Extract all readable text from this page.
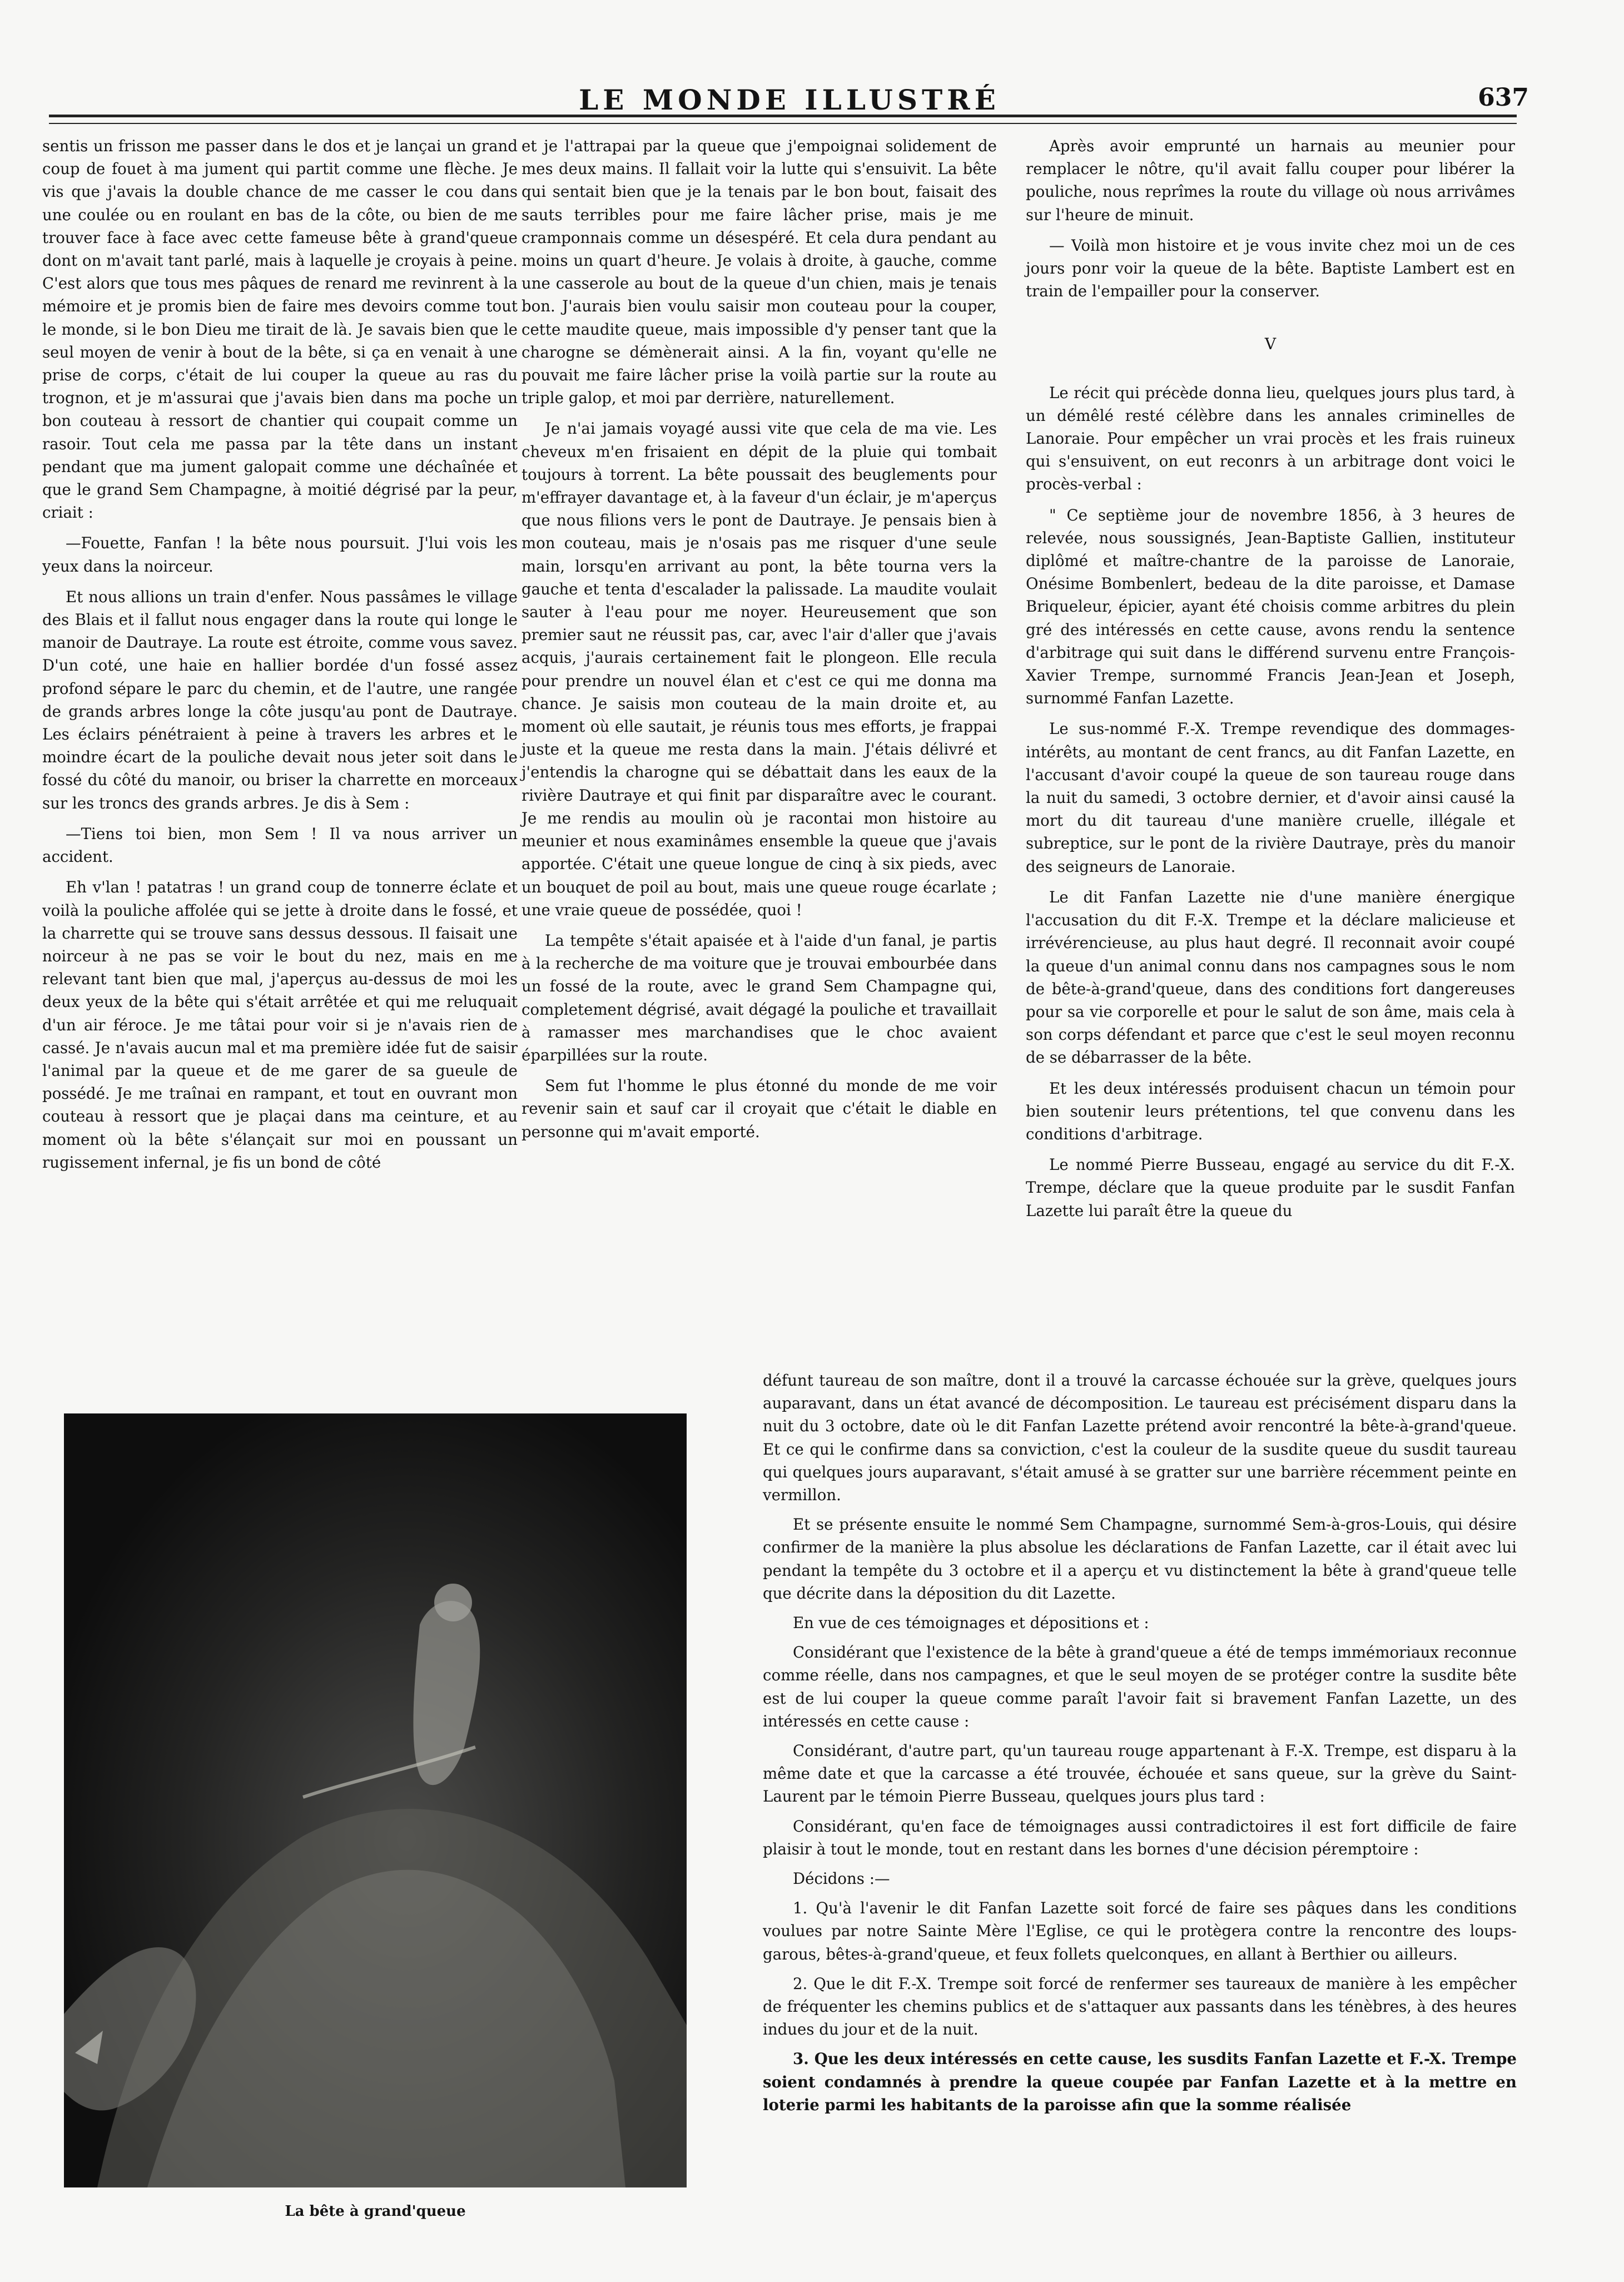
LE MONDE ILLUSTRÉ	637

sentis un frisson me passer dans le dos et je lançai un grand coup de fouet à ma jument qui partit comme une flèche. Je vis que j'avais la double chance de me casser le cou dans une coulée ou en roulant en bas de la côte, ou bien de me trouver face à face avec cette fameuse bête à grand'queue dont on m'avait tant parlé, mais à laquelle je croyais à peine. C'est alors que tous mes pâques de renard me revinrent à la mémoire et je promis bien de faire mes devoirs comme tout le monde, si le bon Dieu me tirait de là. Je savais bien que le seul moyen de venir à bout de la bête, si ça en venait à une prise de corps, c'était de lui couper la queue au ras du trognon, et je m'assurai que j'avais bien dans ma poche un bon couteau à ressort de chantier qui coupait comme un rasoir. Tout cela me passa par la tête dans un instant pendant que ma jument galopait comme une déchaînée et que le grand Sem Champagne, à moitié dégrisé par la peur, criait :

—Fouette, Fanfan ! la bête nous poursuit. J'lui vois les yeux dans la noirceur.

Et nous allions un train d'enfer. Nous passâmes le village des Blais et il fallut nous engager dans la route qui longe le manoir de Dautraye. La route est étroite, comme vous savez. D'un coté, une haie en hallier bordée d'un fossé assez profond sépare le parc du chemin, et de l'autre, une rangée de grands arbres longe la côte jusqu'au pont de Dautraye. Les éclairs pénétraient à peine à travers les arbres et le moindre écart de la pouliche devait nous jeter soit dans le fossé du côté du manoir, ou briser la charrette en morceaux sur les troncs des grands arbres. Je dis à Sem :

—Tiens toi bien, mon Sem ! Il va nous arriver un accident.

Eh v'lan ! patatras ! un grand coup de tonnerre éclate et voilà la pouliche affolée qui se jette à droite dans le fossé, et la charrette qui se trouve sans dessus dessous. Il faisait une noirceur à ne pas se voir le bout du nez, mais en me relevant tant bien que mal, j'aperçus au-dessus de moi les deux yeux de la bête qui s'était arrêtée et qui me reluquait d'un air féroce. Je me tâtai pour voir si je n'avais rien de cassé. Je n'avais aucun mal et ma première idée fut de saisir l'animal par la queue et de me garer de sa gueule de possédé. Je me traînai en rampant, et tout en ouvrant mon couteau à ressort que je plaçai dans ma ceinture, et au moment où la bête s'élançait sur moi en poussant un rugissement infernal, je fis un bond de côté

et je l'attrapai par la queue que j'empoignai solidement de mes deux mains. Il fallait voir la lutte qui s'ensuivit. La bête qui sentait bien que je la tenais par le bon bout, faisait des sauts terribles pour me faire lâcher prise, mais je me cramponnais comme un désespéré. Et cela dura pendant au moins un quart d'heure. Je volais à droite, à gauche, comme une casserole au bout de la queue d'un chien, mais je tenais bon. J'aurais bien voulu saisir mon couteau pour la couper, cette maudite queue, mais impossible d'y penser tant que la charogne se démènerait ainsi. A la fin, voyant qu'elle ne pouvait me faire lâcher prise la voilà partie sur la route au triple galop, et moi par derrière, naturellement.

Je n'ai jamais voyagé aussi vite que cela de ma vie. Les cheveux m'en frisaient en dépit de la pluie qui tombait toujours à torrent. La bête poussait des beuglements pour m'effrayer davantage et, à la faveur d'un éclair, je m'aperçus que nous filions vers le pont de Dautraye. Je pensais bien à mon couteau, mais je n'osais pas me risquer d'une seule main, lorsqu'en arrivant au pont, la bête tourna vers la gauche et tenta d'escalader la palissade. La maudite voulait sauter à l'eau pour me noyer. Heureusement que son premier saut ne réussit pas, car, avec l'air d'aller que j'avais acquis, j'aurais certainement fait le plongeon. Elle recula pour prendre un nouvel élan et c'est ce qui me donna ma chance. Je saisis mon couteau de la main droite et, au moment où elle sautait, je réunis tous mes efforts, je frappai juste et la queue me resta dans la main. J'étais délivré et j'entendis la charogne qui se débattait dans les eaux de la rivière Dautraye et qui finit par disparaître avec le courant. Je me rendis au moulin où je racontai mon histoire au meunier et nous examinâmes ensemble la queue que j'avais apportée. C'était une queue longue de cinq à six pieds, avec un bouquet de poil au bout, mais une queue rouge écarlate ; une vraie queue de possédée, quoi !

La tempête s'était apaisée et à l'aide d'un fanal, je partis à la recherche de ma voiture que je trouvai embourbée dans un fossé de la route, avec le grand Sem Champagne qui, completement dégrisé, avait dégagé la pouliche et travaillait à ramasser mes marchandises que le choc avaient éparpillées sur la route.

Sem fut l'homme le plus étonné du monde de me voir revenir sain et sauf car il croyait que c'était le diable en personne qui m'avait emporté.

Après avoir emprunté un harnais au meunier pour remplacer le nôtre, qu'il avait fallu couper pour libérer la pouliche, nous reprîmes la route du village où nous arrivâmes sur l'heure de minuit.

— Voilà mon histoire et je vous invite chez moi un de ces jours ponr voir la queue de la bête. Baptiste Lambert est en train de l'empailler pour la conserver.

V

Le récit qui précède donna lieu, quelques jours plus tard, à un démêlé resté célèbre dans les annales criminelles de Lanoraie. Pour empêcher un vrai procès et les frais ruineux qui s'ensuivent, on eut reconrs à un arbitrage dont voici le procès-verbal :

" Ce septième jour de novembre 1856, à 3 heures de relevée, nous soussignés, Jean-Baptiste Gallien, instituteur diplômé et maître-chantre de la paroisse de Lanoraie, Onésime Bombenlert, bedeau de la dite paroisse, et Damase Briqueleur, épicier, ayant été choisis comme arbitres du plein gré des intéressés en cette cause, avons rendu la sentence d'arbitrage qui suit dans le différend survenu entre François-Xavier Trempe, surnommé Francis Jean-Jean et Joseph, surnommé Fanfan Lazette.

Le sus-nommé F.-X. Trempe revendique des dommages-intérêts, au montant de cent francs, au dit Fanfan Lazette, en l'accusant d'avoir coupé la queue de son taureau rouge dans la nuit du samedi, 3 octobre dernier, et d'avoir ainsi causé la mort du dit taureau d'une manière cruelle, illégale et subreptice, sur le pont de la rivière Dautraye, près du manoir des seigneurs de Lanoraie.

Le dit Fanfan Lazette nie d'une manière énergique l'accusation du dit F.-X. Trempe et la déclare malicieuse et irrévérencieuse, au plus haut degré. Il reconnait avoir coupé la queue d'un animal connu dans nos campagnes sous le nom de bête-à-grand'queue, dans des conditions fort dangereuses pour sa vie corporelle et pour le salut de son âme, mais cela à son corps défendant et parce que c'est le seul moyen reconnu de se débarrasser de la bête.

Et les deux intéressés produisent chacun un témoin pour bien soutenir leurs prétentions, tel que convenu dans les conditions d'arbitrage.

Le nommé Pierre Busseau, engagé au service du dit F.-X. Trempe, déclare que la queue produite par le susdit Fanfan Lazette lui paraît être la queue du

défunt taureau de son maître, dont il a trouvé la carcasse échouée sur la grève, quelques jours auparavant, dans un état avancé de décomposition. Le taureau est précisément disparu dans la nuit du 3 octobre, date où le dit Fanfan Lazette prétend avoir rencontré la bête-à-grand'queue. Et ce qui le confirme dans sa conviction, c'est la couleur de la susdite queue du susdit taureau qui quelques jours auparavant, s'était amusé à se gratter sur une barrière récemment peinte en vermillon.

Et se présente ensuite le nommé Sem Champagne, surnommé Sem-à-gros-Louis, qui désire confirmer de la manière la plus absolue les déclarations de Fanfan Lazette, car il était avec lui pendant la tempête du 3 octobre et il a aperçu et vu distinctement la bête à grand'queue telle que décrite dans la déposition du dit Lazette.

En vue de ces témoignages et dépositions et :

Considérant que l'existence de la bête à grand'queue a été de temps immémoriaux reconnue comme réelle, dans nos campagnes, et que le seul moyen de se protéger contre la susdite bête est de lui couper la queue comme paraît l'avoir fait si bravement Fanfan Lazette, un des intéressés en cette cause :

Considérant, d'autre part, qu'un taureau rouge appartenant à F.-X. Trempe, est disparu à la même date et que la carcasse a été trouvée, échouée et sans queue, sur la grève du Saint-Laurent par le témoin Pierre Busseau, quelques jours plus tard :

Considérant, qu'en face de témoignages aussi contradictoires il est fort difficile de faire plaisir à tout le monde, tout en restant dans les bornes d'une décision péremptoire :

Décidons :—

1. Qu'à l'avenir le dit Fanfan Lazette soit forcé de faire ses pâques dans les conditions voulues par notre Sainte Mère l'Eglise, ce qui le protègera contre la rencontre des loups-garous, bêtes-à-grand'queue, et feux follets quelconques, en allant à Berthier ou ailleurs.

2. Que le dit F.-X. Trempe soit forcé de renfermer ses taureaux de manière à les empêcher de fréquenter les chemins publics et de s'attaquer aux passants dans les ténèbres, à des heures indues du jour et de la nuit.

3. Que les deux intéressés en cette cause, les susdits Fanfan Lazette et F.-X. Trempe soient condamnés à prendre la queue coupée par Fanfan Lazette et à la mettre en loterie parmi les habitants de la paroisse afin que la somme réalisée

La bête à grand'queue
